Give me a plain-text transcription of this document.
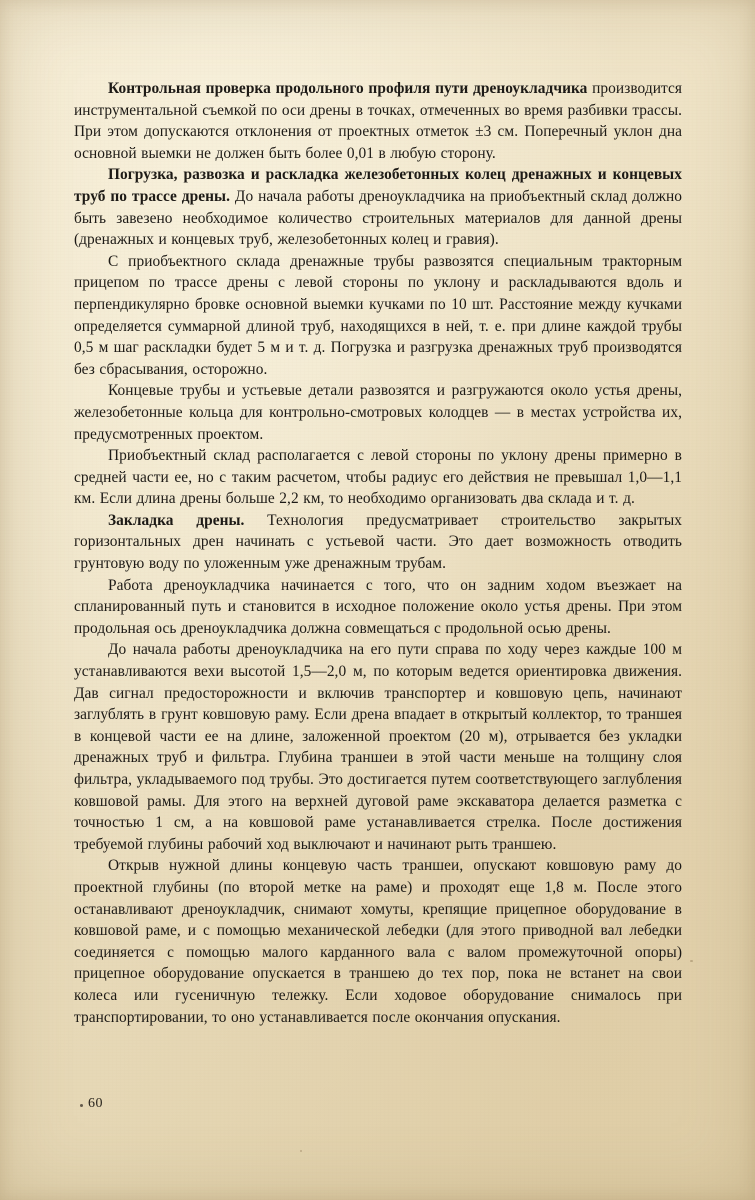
Контрольная проверка продольного профиля пути дреноукладчика производится инструментальной съемкой по оси дрены в точках, отмеченных во время разбивки трассы. При этом допускаются отклонения от проектных отметок ±3 см. Поперечный уклон дна основной выемки не должен быть более 0,01 в любую сторону.

Погрузка, развозка и раскладка железобетонных колец дренажных и концевых труб по трассе дрены. До начала работы дреноукладчика на приобъектный склад должно быть завезено необходимое количество строительных материалов для данной дрены (дренажных и концевых труб, железобетонных колец и гравия).

С приобъектного склада дренажные трубы развозятся специальным тракторным прицепом по трассе дрены с левой стороны по уклону и раскладываются вдоль и перпендикулярно бровке основной выемки кучками по 10 шт. Расстояние между кучками определяется суммарной длиной труб, находящихся в ней, т. е. при длине каждой трубы 0,5 м шаг раскладки будет 5 м и т. д. Погрузка и разгрузка дренажных труб производятся без сбрасывания, осторожно.

Концевые трубы и устьевые детали развозятся и разгружаются около устья дрены, железобетонные кольца для контрольно-смотровых колодцев — в местах устройства их, предусмотренных проектом.

Приобъектный склад располагается с левой стороны по уклону дрены примерно в средней части ее, но с таким расчетом, чтобы радиус его действия не превышал 1,0—1,1 км. Если длина дрены больше 2,2 км, то необходимо организовать два склада и т. д.

Закладка дрены. Технология предусматривает строительство закрытых горизонтальных дрен начинать с устьевой части. Это дает возможность отводить грунтовую воду по уложенным уже дренажным трубам.

Работа дреноукладчика начинается с того, что он задним ходом въезжает на спланированный путь и становится в исходное положение около устья дрены. При этом продольная ось дреноукладчика должна совмещаться с продольной осью дрены.

До начала работы дреноукладчика на его пути справа по ходу через каждые 100 м устанавливаются вехи высотой 1,5—2,0 м, по которым ведется ориентировка движения. Дав сигнал предосторожности и включив транспортер и ковшовую цепь, начинают заглублять в грунт ковшовую раму. Если дрена впадает в открытый коллектор, то траншея в концевой части ее на длине, заложенной проектом (20 м), отрывается без укладки дренажных труб и фильтра. Глубина траншеи в этой части меньше на толщину слоя фильтра, укладываемого под трубы. Это достигается путем соответствующего заглубления ковшовой рамы. Для этого на верхней дуговой раме экскаватора делается разметка с точностью 1 см, а на ковшовой раме устанавливается стрелка. После достижения требуемой глубины рабочий ход выключают и начинают рыть траншею.

Открыв нужной длины концевую часть траншеи, опускают ковшовую раму до проектной глубины (по второй метке на раме) и проходят еще 1,8 м. После этого останавливают дреноукладчик, снимают хомуты, крепящие прицепное оборудование в ковшовой раме, и с помощью механической лебедки (для этого приводной вал лебедки соединяется с помощью малого карданного вала с валом промежуточной опоры) прицепное оборудование опускается в траншею до тех пор, пока не встанет на свои колеса или гусеничную тележку. Если ходовое оборудование снималось при транспортировании, то оно устанавливается после окончания опускания.

60
